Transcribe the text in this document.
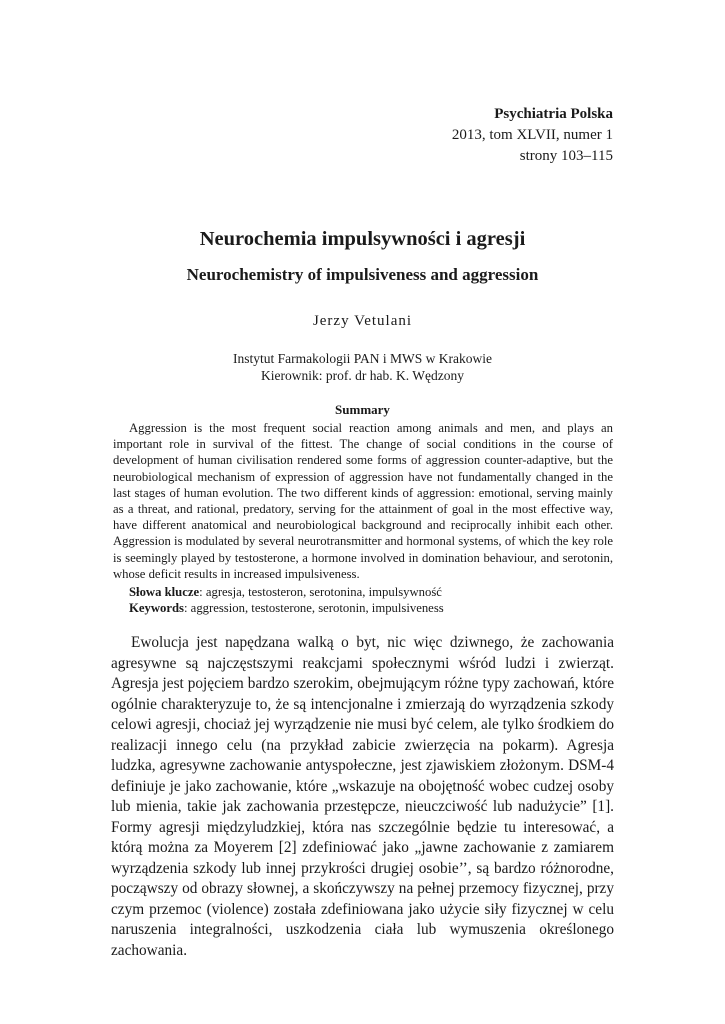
Psychiatria Polska
2013, tom XLVII, numer 1
strony 103–115
Neurochemia impulsywności i agresji
Neurochemistry of impulsiveness and aggression
Jerzy Vetulani
Instytut Farmakologii PAN i MWS w Krakowie
Kierownik: prof. dr hab. K. Wędzony
Summary

Aggression is the most frequent social reaction among animals and men, and plays an important role in survival of the fittest. The change of social conditions in the course of development of human civilisation rendered some forms of aggression counter-adaptive, but the neurobiological mechanism of expression of aggression have not fundamentally changed in the last stages of human evolution. The two different kinds of aggression: emotional, serving mainly as a threat, and rational, predatory, serving for the attainment of goal in the most effective way, have different anatomical and neurobiological background and reciprocally inhibit each other. Aggression is modulated by several neurotransmitter and hormonal systems, of which the key role is seemingly played by testosterone, a hormone involved in domination behaviour, and serotonin, whose deficit results in increased impulsiveness.

Słowa klucze: agresja, testosteron, serotonina, impulsywność
Keywords: aggression, testosterone, serotonin, impulsiveness

Ewolucja jest napędzana walką o byt, nic więc dziwnego, że zachowania agresywne są najczęstszymi reakcjami społecznymi wśród ludzi i zwierząt. Agresja jest pojęciem bardzo szerokim, obejmującym różne typy zachowań, które ogólnie charakteryzuje to, że są intencjonalne i zmierzają do wyrządzenia szkody celowi agresji, chociaż jej wyrządzenie nie musi być celem, ale tylko środkiem do realizacji innego celu (na przykład zabicie zwierzęcia na pokarm). Agresja ludzka, agresywne zachowanie antyspołeczne, jest zjawiskiem złożonym. DSM-4 definiuje je jako zachowanie, które „wskazuje na obojętność wobec cudzej osoby lub mienia, takie jak zachowania przestępcze, nieuczciwość lub nadużycie” [1]. Formy agresji międzyludzkiej, która nas szczególnie będzie tu interesować, a którą można za Moyerem [2] zdefiniować jako „jawne zachowanie z zamiarem wyrządzenia szkody lub innej przykrości drugiej osobie’’, są bardzo różnorodne, począwszy od obrazy słownej, a skończywszy na pełnej przemocy fizycznej, przy czym przemoc (violence) została zdefiniowana jako użycie siły fizycznej w celu naruszenia integralności, uszkodzenia ciała lub wymuszenia określonego zachowania.
